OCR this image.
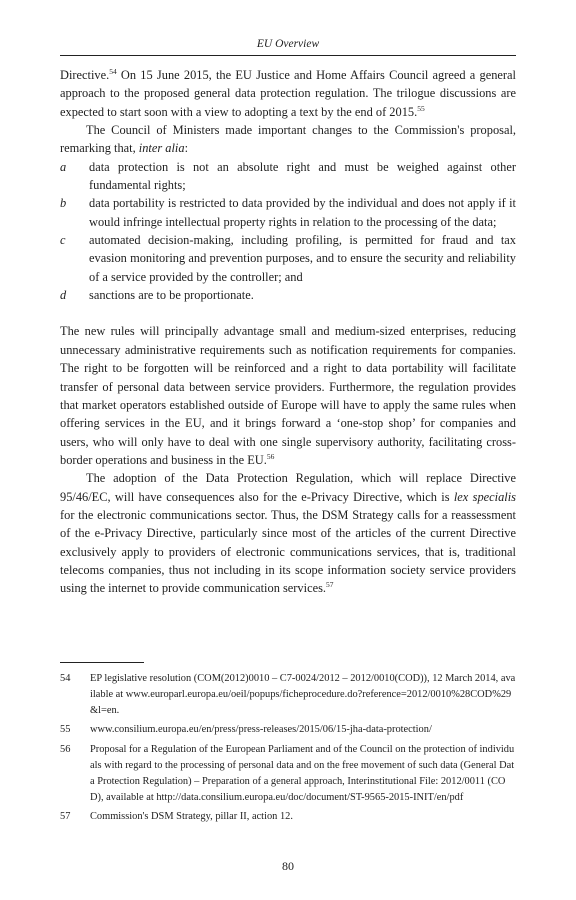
EU Overview

Directive.$^{54}$ On 15 June 2015, the EU Justice and Home Affairs Council agreed a general approach to the proposed general data protection regulation. The trilogue discussions are expected to start soon with a view to adopting a text by the end of 2015.55

The Council of Ministers made important changes to the Commission's proposal, remarking that, inter alia:

a	data protection is not an absolute right and must be weighed against other fundamental rights;
b	data portability is restricted to data provided by the individual and does not apply if it would infringe intellectual property rights in relation to the processing of the data;
c	automated decision-making, including profiling, is permitted for fraud and tax evasion monitoring and prevention purposes, and to ensure the security and reliability of a service provided by the controller; and
d	sanctions are to be proportionate.

The new rules will principally advantage small and medium-sized enterprises, reducing unnecessary administrative requirements such as notification requirements for companies. The right to be forgotten will be reinforced and a right to data portability will facilitate transfer of personal data between service providers. Furthermore, the regulation provides that market operators established outside of Europe will have to apply the same rules when offering services in the EU, and it brings forward a ‘one-stop shop’ for companies and users, who will only have to deal with one single supervisory authority, facilitating cross-border operations and business in the EU.$^{56}$

The adoption of the Data Protection Regulation, which will replace Directive 95/46/EC, will have consequences also for the e-Privacy Directive, which is lex specialis for the electronic communications sector. Thus, the DSM Strategy calls for a reassessment of the e-Privacy Directive, particularly since most of the articles of the current Directive exclusively apply to providers of electronic communications services, that is, traditional telecoms companies, thus not including in its scope information society service providers using the internet to provide communication services.$^{57}$

54	EP legislative resolution (COM(2012)0010 – C7-0024/2012 – 2012/0010(COD)), 12 March 2014, available at www.europarl.europa.eu/oeil/popups/ficheprocedure.do?reference=2012/0010%28COD%29&l=en.
55	www.consilium.europa.eu/en/press/press-releases/2015/06/15-jha-data-protection/
56	Proposal for a Regulation of the European Parliament and of the Council on the protection of individuals with regard to the processing of personal data and on the free movement of such data (General Data Protection Regulation) – Preparation of a general approach, Interinstitutional File: 2012/0011 (COD), available at http://data.consilium.europa.eu/doc/document/ST-9565-2015-INIT/en/pdf
57	Commission's DSM Strategy, pillar II, action 12.
80
